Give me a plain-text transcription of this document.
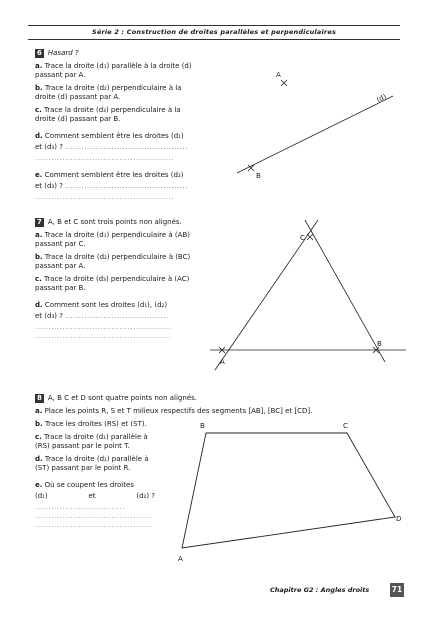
Série 2 : Construction de droites parallèles et perpendiculaires

6 Hasard ?

a. Trace la droite (d₁) parallèle à la droite (d) passant par A.

b. Trace la droite (d₂) perpendiculaire à la droite (d) passant par A.

c. Trace la droite (d₃) perpendiculaire à la droite (d) passant par B.

d. Comment semblent être les droites (d₁)

et (d₃) ? .............................................

...................................................

e. Comment semblent être les droites (d₂)

et (d₃) ? .............................................

...................................................
A
B
(d)

7 A, B et C sont trois points non alignés.

a. Trace la droite (d₁) perpendiculaire à (AB) passant par C.

b. Trace la droite (d₂) perpendiculaire à (BC) passant par A.

c. Trace la droite (d₃) perpendiculaire à (AC) passant par B.

d. Comment sont les droites (d₁), (d₂)

et (d₃) ? ......................................

..................................................
..................................................
A
B
C

8 A, B C et D sont quatre points non alignés.

a. Place les points R, S et T milieux respectifs des segments [AB], [BC] et [CD].

b. Trace les droites (RS) et (ST).

c. Trace la droite (d₁) parallèle à (RS) passant par le point T.

d. Trace la droite (d₂) parallèle à (ST) passant par le point R.

e. Où se coupent les droites

(d₁)	et	(d₂) ?

.................................
...........................................
...........................................
B	C
D
A
Chapitre G2 : Angles droits	71
